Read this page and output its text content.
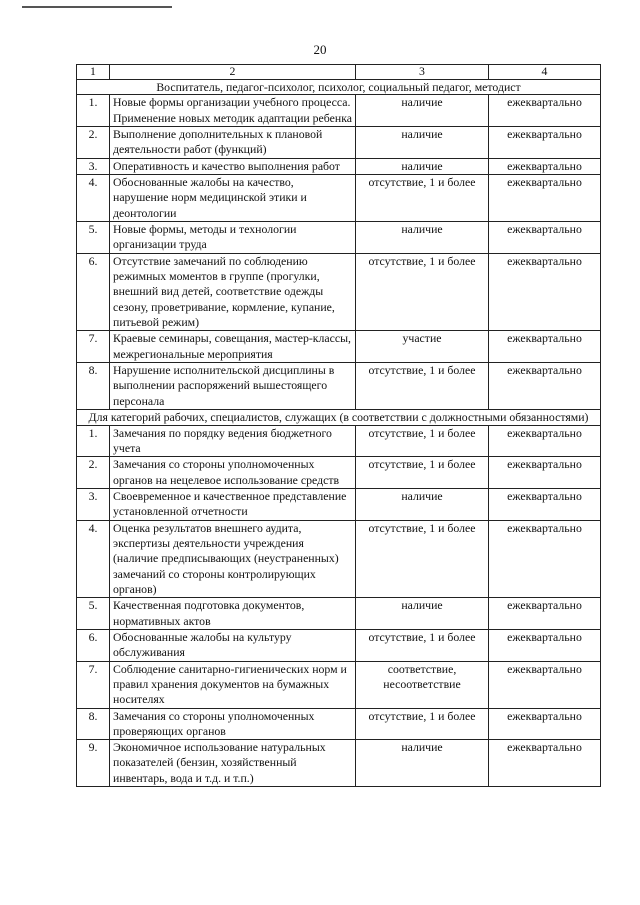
20
1	2	3	4
Воспитатель, педагог-психолог, психолог, социальный педагог, методист			
1.	Новые формы организации учебного процесса. Применение новых методик адаптации ребенка	наличие	ежеквартально
2.	Выполнение дополнительных к плановой деятельности работ (функций)	наличие	ежеквартально
3.	Оперативность и качество выполнения работ	наличие	ежеквартально
4.	Обоснованные жалобы на качество, нарушение норм медицинской этики и деонтологии	отсутствие, 1 и более	ежеквартально
5.	Новые формы, методы и технологии организации труда	наличие	ежеквартально
6.	Отсутствие замечаний по соблюдению режимных моментов в группе (прогулки, внешний вид детей, соответствие одежды сезону, проветривание, кормление, купание, питьевой режим)	отсутствие, 1 и более	ежеквартально
7.	Краевые семинары, совещания, мастер-классы, межрегиональные мероприятия	участие	ежеквартально
8.	Нарушение исполнительской дисциплины в выполнении распоряжений вышестоящего персонала	отсутствие, 1 и более	ежеквартально
Для категорий рабочих, специалистов, служащих (в соответствии с должностными обязанностями)			
1.	Замечания по порядку ведения бюджетного учета	отсутствие, 1 и более	ежеквартально
2.	Замечания со стороны уполномоченных органов на нецелевое использование средств	отсутствие, 1 и более	ежеквартально
3.	Своевременное и качественное представление установленной отчетности	наличие	ежеквартально
4.	Оценка результатов внешнего аудита, экспертизы деятельности учреждения (наличие предписывающих (неустраненных) замечаний со стороны контролирующих органов)	отсутствие, 1 и более	ежеквартально
5.	Качественная подготовка документов, нормативных актов	наличие	ежеквартально
6.	Обоснованные жалобы на культуру обслуживания	отсутствие, 1 и более	ежеквартально
7.	Соблюдение санитарно-гигиенических норм и правил хранения документов на бумажных носителях	соответствие, несоответствие	ежеквартально
8.	Замечания со стороны уполномоченных проверяющих органов	отсутствие, 1 и более	ежеквартально
9.	Экономичное использование натуральных показателей (бензин, хозяйственный инвентарь, вода и т.д. и т.п.)	наличие	ежеквартально
